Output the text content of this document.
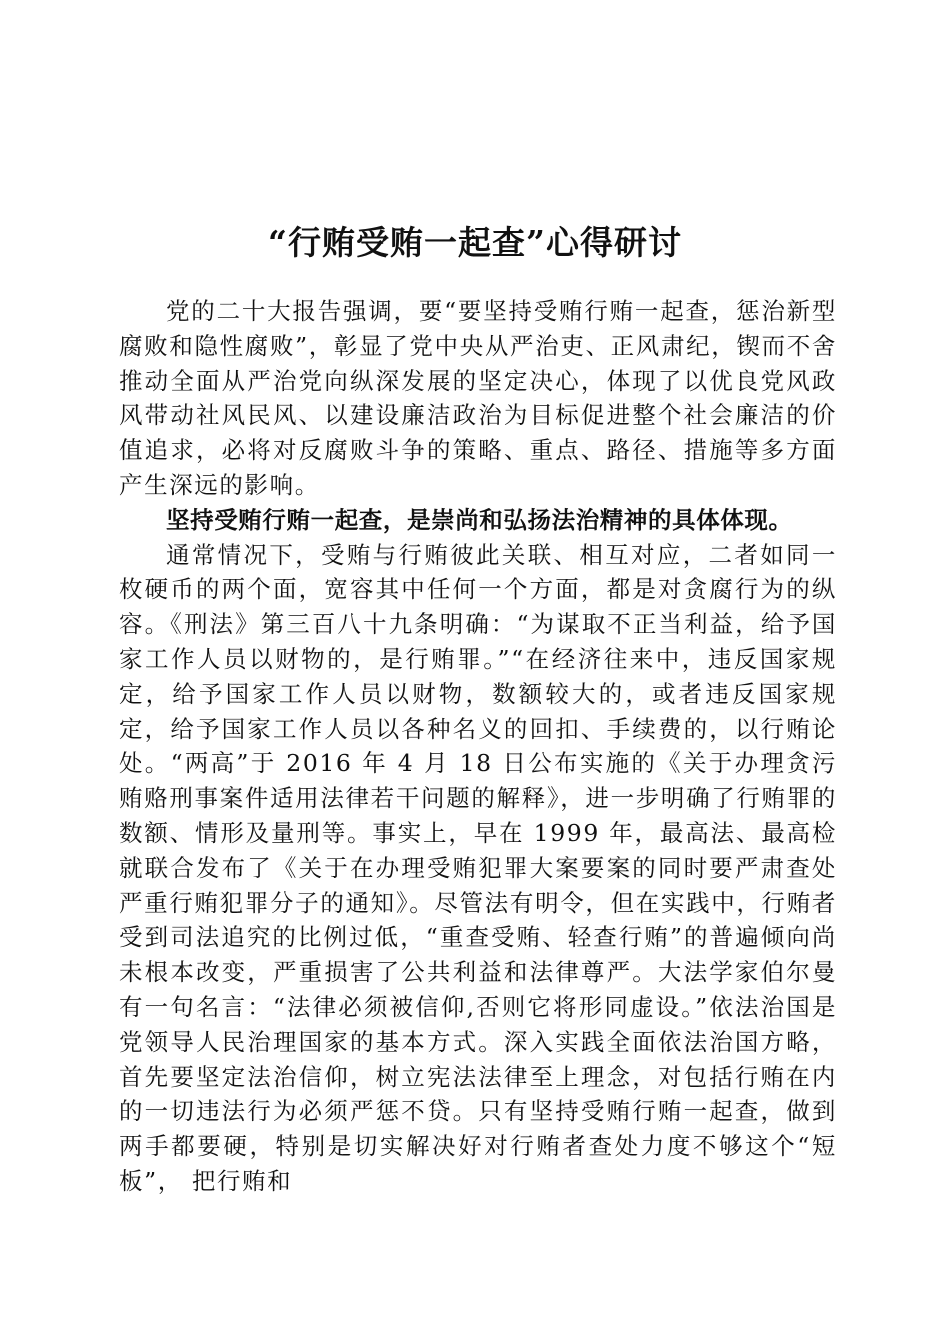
“行贿受贿一起查”心得研讨

党的二十大报告强调，要“要坚持受贿行贿一起查，惩治新型腐败和隐性腐败”，彰显了党中央从严治吏、正风肃纪，锲而不舍推动全面从严治党向纵深发展的坚定决心，体现了以优良党风政风带动社风民风、以建设廉洁政治为目标促进整个社会廉洁的价值追求，必将对反腐败斗争的策略、重点、路径、措施等多方面产生深远的影响。

坚持受贿行贿一起查，是崇尚和弘扬法治精神的具体体现。

通常情况下，受贿与行贿彼此关联、相互对应，二者如同一枚硬币的两个面，宽容其中任何一个方面，都是对贪腐行为的纵容。《刑法》第三百八十九条明确：“为谋取不正当利益，给予国家工作人员以财物的，是行贿罪。”“在经济往来中，违反国家规定，给予国家工作人员以财物，数额较大的，或者违反国家规定，给予国家工作人员以各种名义的回扣、手续费的，以行贿论处。“两高”于 2016 年 4 月 18 日公布实施的《关于办理贪污贿赂刑事案件适用法律若干问题的解释》，进一步明确了行贿罪的数额、情形及量刑等。事实上，早在 1999 年，最高法、最高检就联合发布了《关于在办理受贿犯罪大案要案的同时要严肃查处严重行贿犯罪分子的通知》。尽管法有明令，但在实践中，行贿者受到司法追究的比例过低，“重查受贿、轻查行贿”的普遍倾向尚未根本改变，严重损害了公共利益和法律尊严。大法学家伯尔曼有一句名言：“法律必须被信仰,否则它将形同虚设。”依法治国是党领导人民治理国家的基本方式。深入实践全面依法治国方略，首先要坚定法治信仰，树立宪法法律至上理念，对包括行贿在内的一切违法行为必须严惩不贷。只有坚持受贿行贿一起查，做到两手都要硬，特别是切实解决好对行贿者查处力度不够这个“短板”， 把行贿和
